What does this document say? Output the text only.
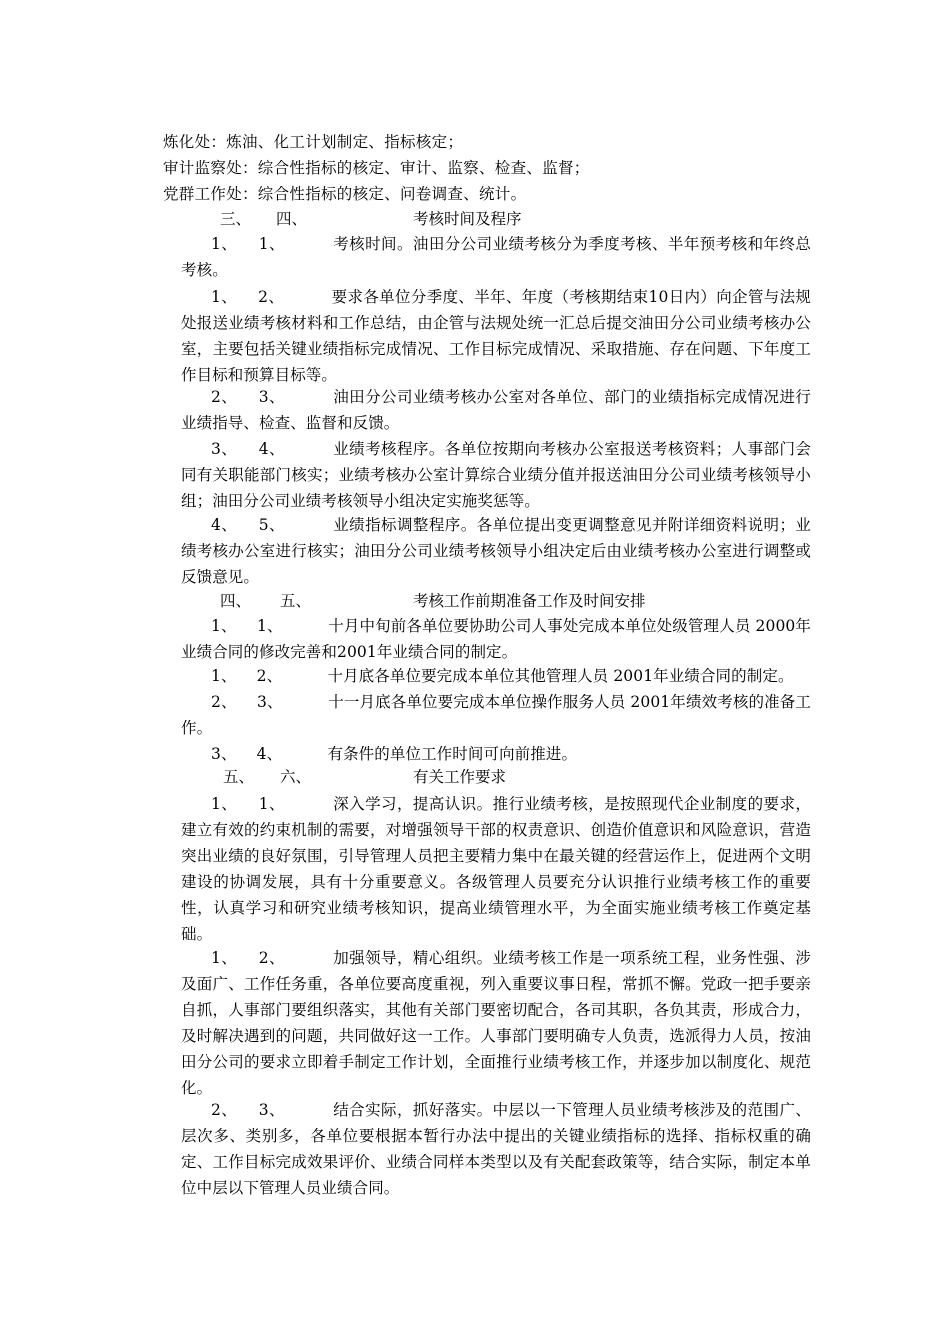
炼化处：炼油、化工计划制定、指标核定；
审计监察处：综合性指标的核定、审计、监察、检查、监督；
党群工作处：综合性指标的核定、问卷调查、统计。
三、 四、	考核时间及程序
1、 1、	考核时间。油田分公司业绩考核分为季度考核、半年预考核和年终总考核。
1、 2、	要求各单位分季度、半年、年度（考核期结束10日内）向企管与法规处报送业绩考核材料和工作总结，由企管与法规处统一汇总后提交油田分公司业绩考核办公室，主要包括关键业绩指标完成情况、工作目标完成情况、采取措施、存在问题、下年度工作目标和预算目标等。
2、 3、	油田分公司业绩考核办公室对各单位、部门的业绩指标完成情况进行业绩指导、检查、监督和反馈。
3、 4、	业绩考核程序。各单位按期向考核办公室报送考核资料；人事部门会同有关职能部门核实；业绩考核办公室计算综合业绩分值并报送油田分公司业绩考核领导小组；油田分公司业绩考核领导小组决定实施奖惩等。
4、 5、	业绩指标调整程序。各单位提出变更调整意见并附详细资料说明；业绩考核办公室进行核实；油田分公司业绩考核领导小组决定后由业绩考核办公室进行调整或反馈意见。
四、 五、	考核工作前期准备工作及时间安排
1、 1、	十月中旬前各单位要协助公司人事处完成本单位处级管理人员 2000年业绩合同的修改完善和2001年业绩合同的制定。
1、 2、	十月底各单位要完成本单位其他管理人员 2001年业绩合同的制定。
2、 3、	十一月底各单位要完成本单位操作服务人员 2001年绩效考核的准备工作。
3、 4、	有条件的单位工作时间可向前推进。
五、 六、	有关工作要求
1、 1、	深入学习，提高认识。推行业绩考核，是按照现代企业制度的要求，建立有效的约束机制的需要，对增强领导干部的权责意识、创造价值意识和风险意识，营造突出业绩的良好氛围，引导管理人员把主要精力集中在最关键的经营运作上，促进两个文明建设的协调发展，具有十分重要意义。各级管理人员要充分认识推行业绩考核工作的重要性，认真学习和研究业绩考核知识，提高业绩管理水平，为全面实施业绩考核工作奠定基础。
1、 2、	加强领导，精心组织。业绩考核工作是一项系统工程，业务性强、涉及面广、工作任务重，各单位要高度重视，列入重要议事日程，常抓不懈。党政一把手要亲自抓，人事部门要组织落实，其他有关部门要密切配合，各司其职，各负其责，形成合力，及时解决遇到的问题，共同做好这一工作。人事部门要明确专人负责，选派得力人员，按油田分公司的要求立即着手制定工作计划，全面推行业绩考核工作，并逐步加以制度化、规范化。
2、 3、	结合实际，抓好落实。中层以一下管理人员业绩考核涉及的范围广、层次多、类别多，各单位要根据本暂行办法中提出的关键业绩指标的选择、指标权重的确定、工作目标完成效果评价、业绩合同样本类型以及有关配套政策等，结合实际，制定本单位中层以下管理人员业绩合同。
